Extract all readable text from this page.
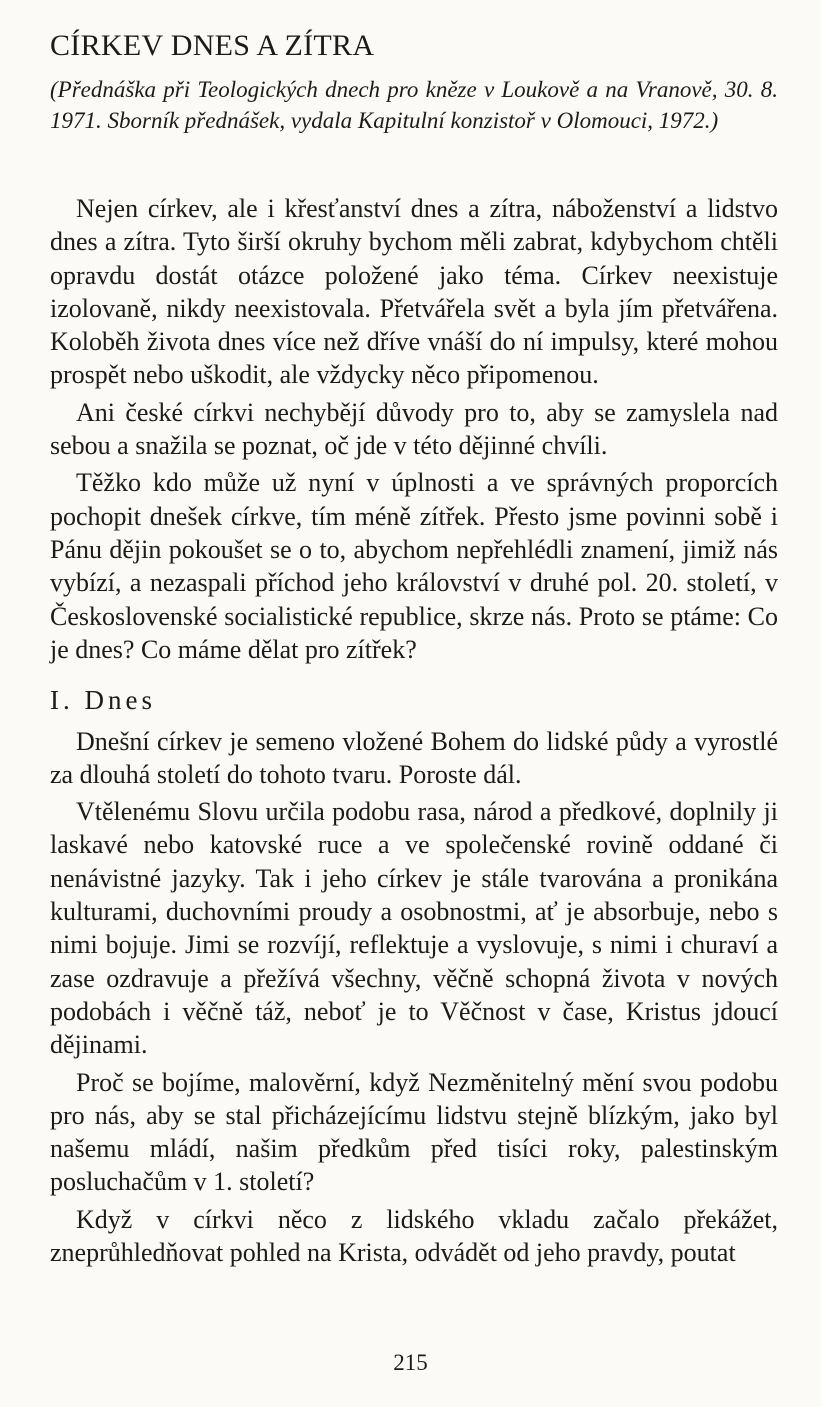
CÍRKEV DNES A ZÍTRA

(Přednáška při Teologických dnech pro kněze v Loukově a na Vranově, 30. 8. 1971. Sborník přednášek, vydala Kapitulní konzistoř v Olomouci, 1972.)

Nejen církev, ale i křesťanství dnes a zítra, náboženství a lidstvo dnes a zítra. Tyto širší okruhy bychom měli zabrat, kdybychom chtěli opravdu dostát otázce položené jako téma. Církev neexistuje izolovaně, nikdy neexistovala. Přetvářela svět a byla jím přetvářena. Koloběh života dnes více než dříve vnáší do ní impulsy, které mohou prospět nebo uškodit, ale vždycky něco připomenou.

Ani české církvi nechybějí důvody pro to, aby se zamyslela nad sebou a snažila se poznat, oč jde v této dějinné chvíli.

Těžko kdo může už nyní v úplnosti a ve správných proporcích pochopit dnešek církve, tím méně zítřek. Přesto jsme povinni sobě i Pánu dějin pokoušet se o to, abychom nepřehlédli znamení, jimiž nás vybízí, a nezaspali příchod jeho království v druhé pol. 20. století, v Československé socialistické republice, skrze nás. Proto se ptáme: Co je dnes? Co máme dělat pro zítřek?

I. Dnes

Dnešní církev je semeno vložené Bohem do lidské půdy a vyrostlé za dlouhá století do tohoto tvaru. Poroste dál.

Vtělenému Slovu určila podobu rasa, národ a předkové, doplnily ji laskavé nebo katovské ruce a ve společenské rovině oddané či nenávistné jazyky. Tak i jeho církev je stále tvarována a pronikána kulturami, duchovními proudy a osobnostmi, ať je absorbuje, nebo s nimi bojuje. Jimi se rozvíjí, reflektuje a vyslovuje, s nimi i churaví a zase ozdravuje a přežívá všechny, věčně schopná života v nových podobách i věčně táž, neboť je to Věčnost v čase, Kristus jdoucí dějinami.

Proč se bojíme, malověrní, když Nezměnitelný mění svou podobu pro nás, aby se stal přicházejícímu lidstvu stejně blízkým, jako byl našemu mládí, našim předkům před tisíci roky, palestinským posluchačům v 1. století?

Když v církvi něco z lidského vkladu začalo překážet, zneprůhledňovat pohled na Krista, odvádět od jeho pravdy, poutat

215
